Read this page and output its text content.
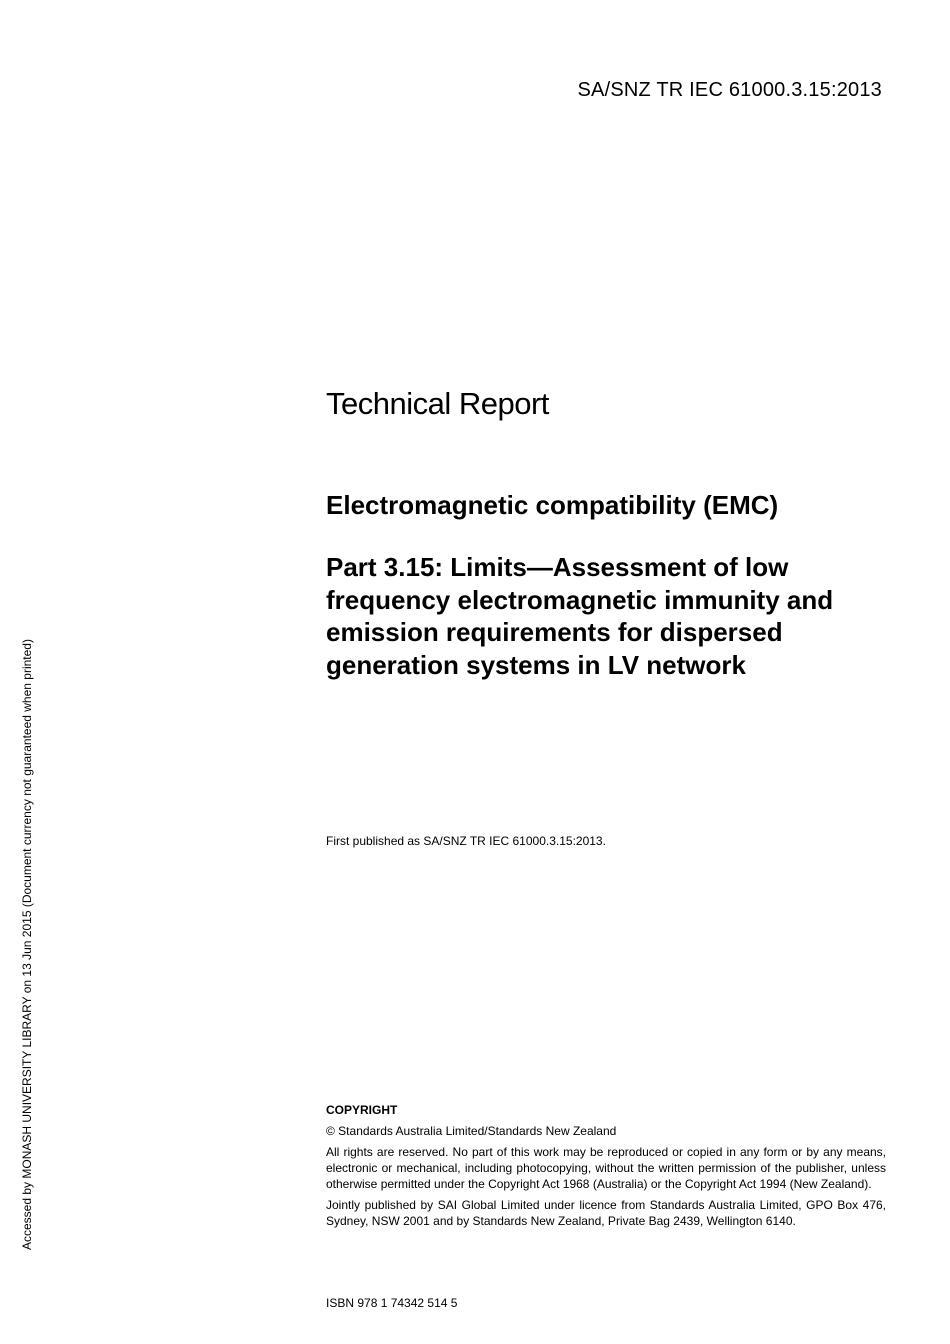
SA/SNZ TR IEC 61000.3.15:2013
Accessed by MONASH UNIVERSITY LIBRARY on 13 Jun 2015 (Document currency not guaranteed when printed)
Technical Report
Electromagnetic compatibility (EMC)
Part 3.15: Limits—Assessment of low frequency electromagnetic immunity and emission requirements for dispersed generation systems in LV network
First published as SA/SNZ TR IEC 61000.3.15:2013.
COPYRIGHT
© Standards Australia Limited/Standards New Zealand
All rights are reserved. No part of this work may be reproduced or copied in any form or by any means, electronic or mechanical, including photocopying, without the written permission of the publisher, unless otherwise permitted under the Copyright Act 1968 (Australia) or the Copyright Act 1994 (New Zealand).
Jointly published by SAI Global Limited under licence from Standards Australia Limited, GPO Box 476, Sydney, NSW 2001 and by Standards New Zealand, Private Bag 2439, Wellington 6140.
ISBN 978 1 74342 514 5
